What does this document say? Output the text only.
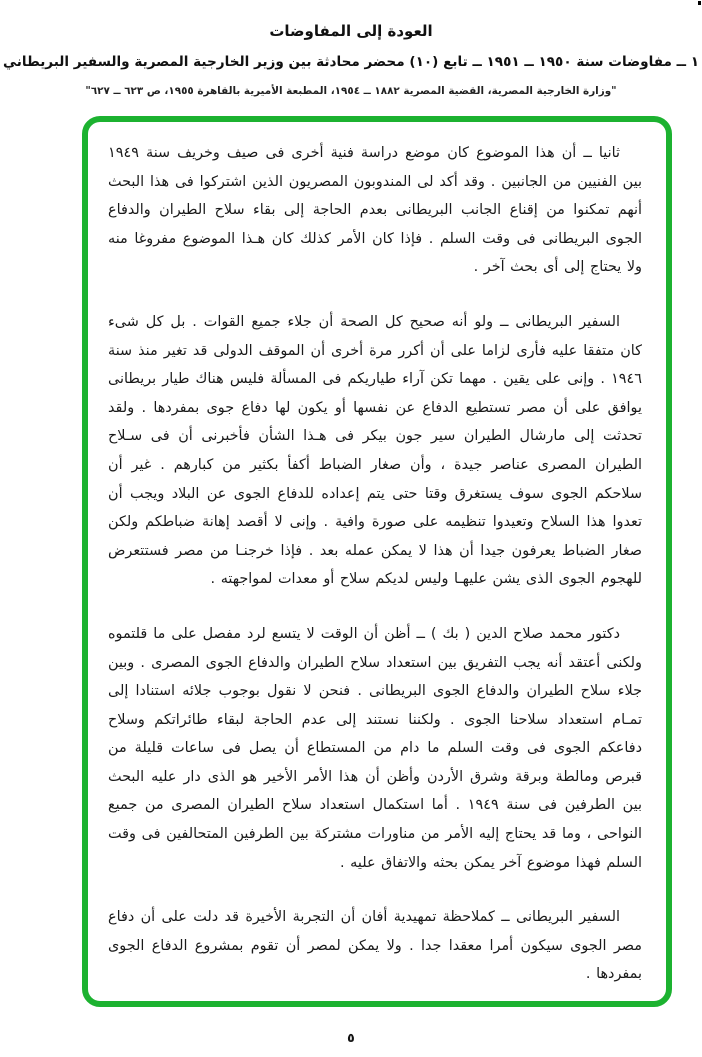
العودة إلى المفاوضات
١ ــ مفاوضات سنة ١٩٥٠ ــ ١٩٥١ ــ تابع (١٠) محضر محادثة بين وزير الخارجية المصرية والسفير البريطاني
"وزارة الخارجية المصرية، القضية المصرية ١٨٨٢ ــ ١٩٥٤، المطبعة الأميرية بالقاهرة ١٩٥٥، ص ٦٢٣ ــ ٦٢٧"
ثانيا ــ أن هذا الموضوع كان موضع دراسة فنية أخرى فى صيف وخريف سنة ١٩٤٩ بين الفنيين من الجانبين . وقد أكد لى المندوبون المصريون الذين اشتركوا فى هذا البحث أنهم تمكنوا من إقناع الجانب البريطانى بعدم الحاجة إلى بقاء سلاح الطيران والدفاع الجوى البريطانى فى وقت السلم . فإذا كان الأمر كذلك كان هـذا الموضوع مفروغا منه ولا يحتاج إلى أى بحث آخر .
السفير البريطانى ــ ولو أنه صحيح كل الصحة أن جلاء جميع القوات . بل كل شىء كان متفقا عليه فأرى لزاما على أن أكرر مرة أخرى أن الموقف الدولى قد تغير منذ سنة ١٩٤٦ . وإنى على يقين . مهما تكن آراء طياريكم فى المسألة فليس هناك طيار بريطانى يوافق على أن مصر تستطيع الدفاع عن نفسها أو يكون لها دفاع جوى بمفردها . ولقد تحدثت إلى مارشال الطيران سير جون بيكر فى هـذا الشأن فأخبرنى أن فى سـلاح الطيران المصرى عناصر جيدة ، وأن صغار الضباط أكفأ بكثير من كبارهم . غير أن سلاحكم الجوى سوف يستغرق وقتا حتى يتم إعداده للدفاع الجوى عن البلاد ويجب أن تعدوا هذا السلاح وتعيدوا تنظيمه على صورة وافية . وإنى لا أقصد إهانة ضباطكم ولكن صغار الضباط يعرفون جيدا أن هذا لا يمكن عمله بعد . فإذا خرجنـا من مصر فستتعرض للهجوم الجوى الذى يشن عليهـا وليس لديكم سلاح أو معدات لمواجهته .
دكتور محمد صلاح الدين ( بك ) ــ أظن أن الوقت لا يتسع لرد مفصل على ما قلتموه ولكنى أعتقد أنه يجب التفريق بين استعداد سلاح الطيران والدفاع الجوى المصرى . وبين جلاء سلاح الطيران والدفاع الجوى البريطانى . فنحن لا نقول بوجوب جلائه استنادا إلى تمـام استعداد سلاحنا الجوى . ولكننا نستند إلى عدم الحاجة لبقاء طائراتكم وسلاح دفاعكم الجوى فى وقت السلم ما دام من المستطاع أن يصل فى ساعات قليلة من قبرص ومالطة وبرقة وشرق الأردن وأظن أن هذا الأمر الأخير هو الذى دار عليه البحث بين الطرفين فى سنة ١٩٤٩ . أما استكمال استعداد سلاح الطيران المصرى من جميع النواحى ، وما قد يحتاج إليه الأمر من مناورات مشتركة بين الطرفين المتحالفين فى وقت السلم فهذا موضوع آخر يمكن بحثه والاتفاق عليه .
السفير البريطانى ــ كملاحظة تمهيدية أفان أن التجربة الأخيرة قد دلت على أن دفاع مصر الجوى سيكون أمرا معقدا جدا . ولا يمكن لمصر أن تقوم بمشروع الدفاع الجوى بمفردها .
٥
